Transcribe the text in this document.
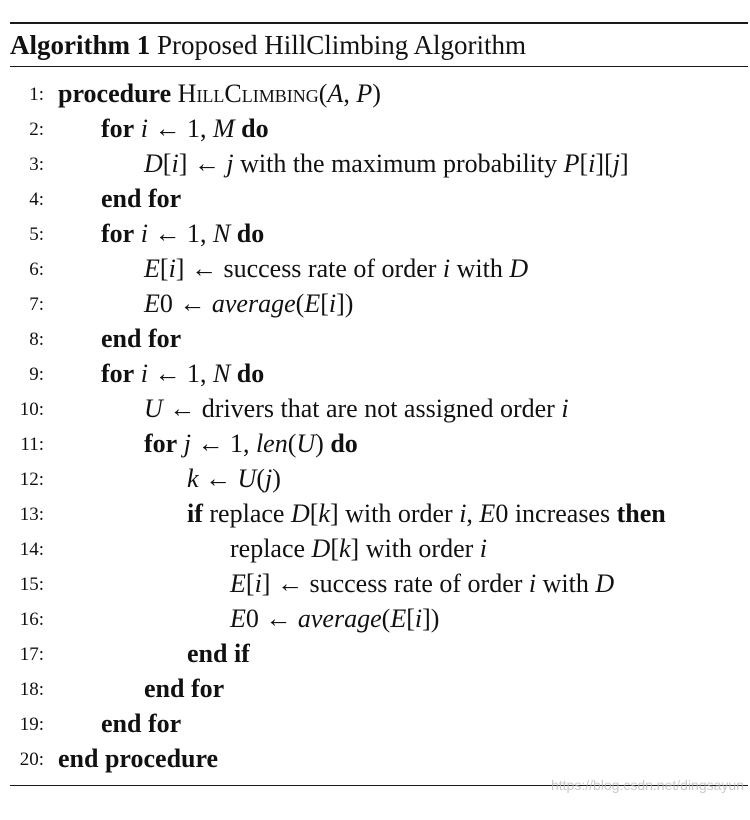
Algorithm 1 Proposed HillClimbing Algorithm
1: procedure HillClimbing(A, P)
2: for i ← 1, M do
3:	D[i] ← j with the maximum probability P[i][j]
4: end for
5: for i ← 1, N do
6:	E[i] ← success rate of order i with D
7:	E0 ← average(E[i])
8: end for
9: for i ← 1, N do
10:	U ← drivers that are not assigned order i
11:	for j ← 1, len(U) do
12:	k ← U(j)
13:	if replace D[k] with order i, E0 increases then
14:	replace D[k] with order i
15:	E[i] ← success rate of order i with D
16:	E0 ← average(E[i])
17:	end if
18:	end for
19: end for
20: end procedure
https://blog.csdn.net/dingsayun
